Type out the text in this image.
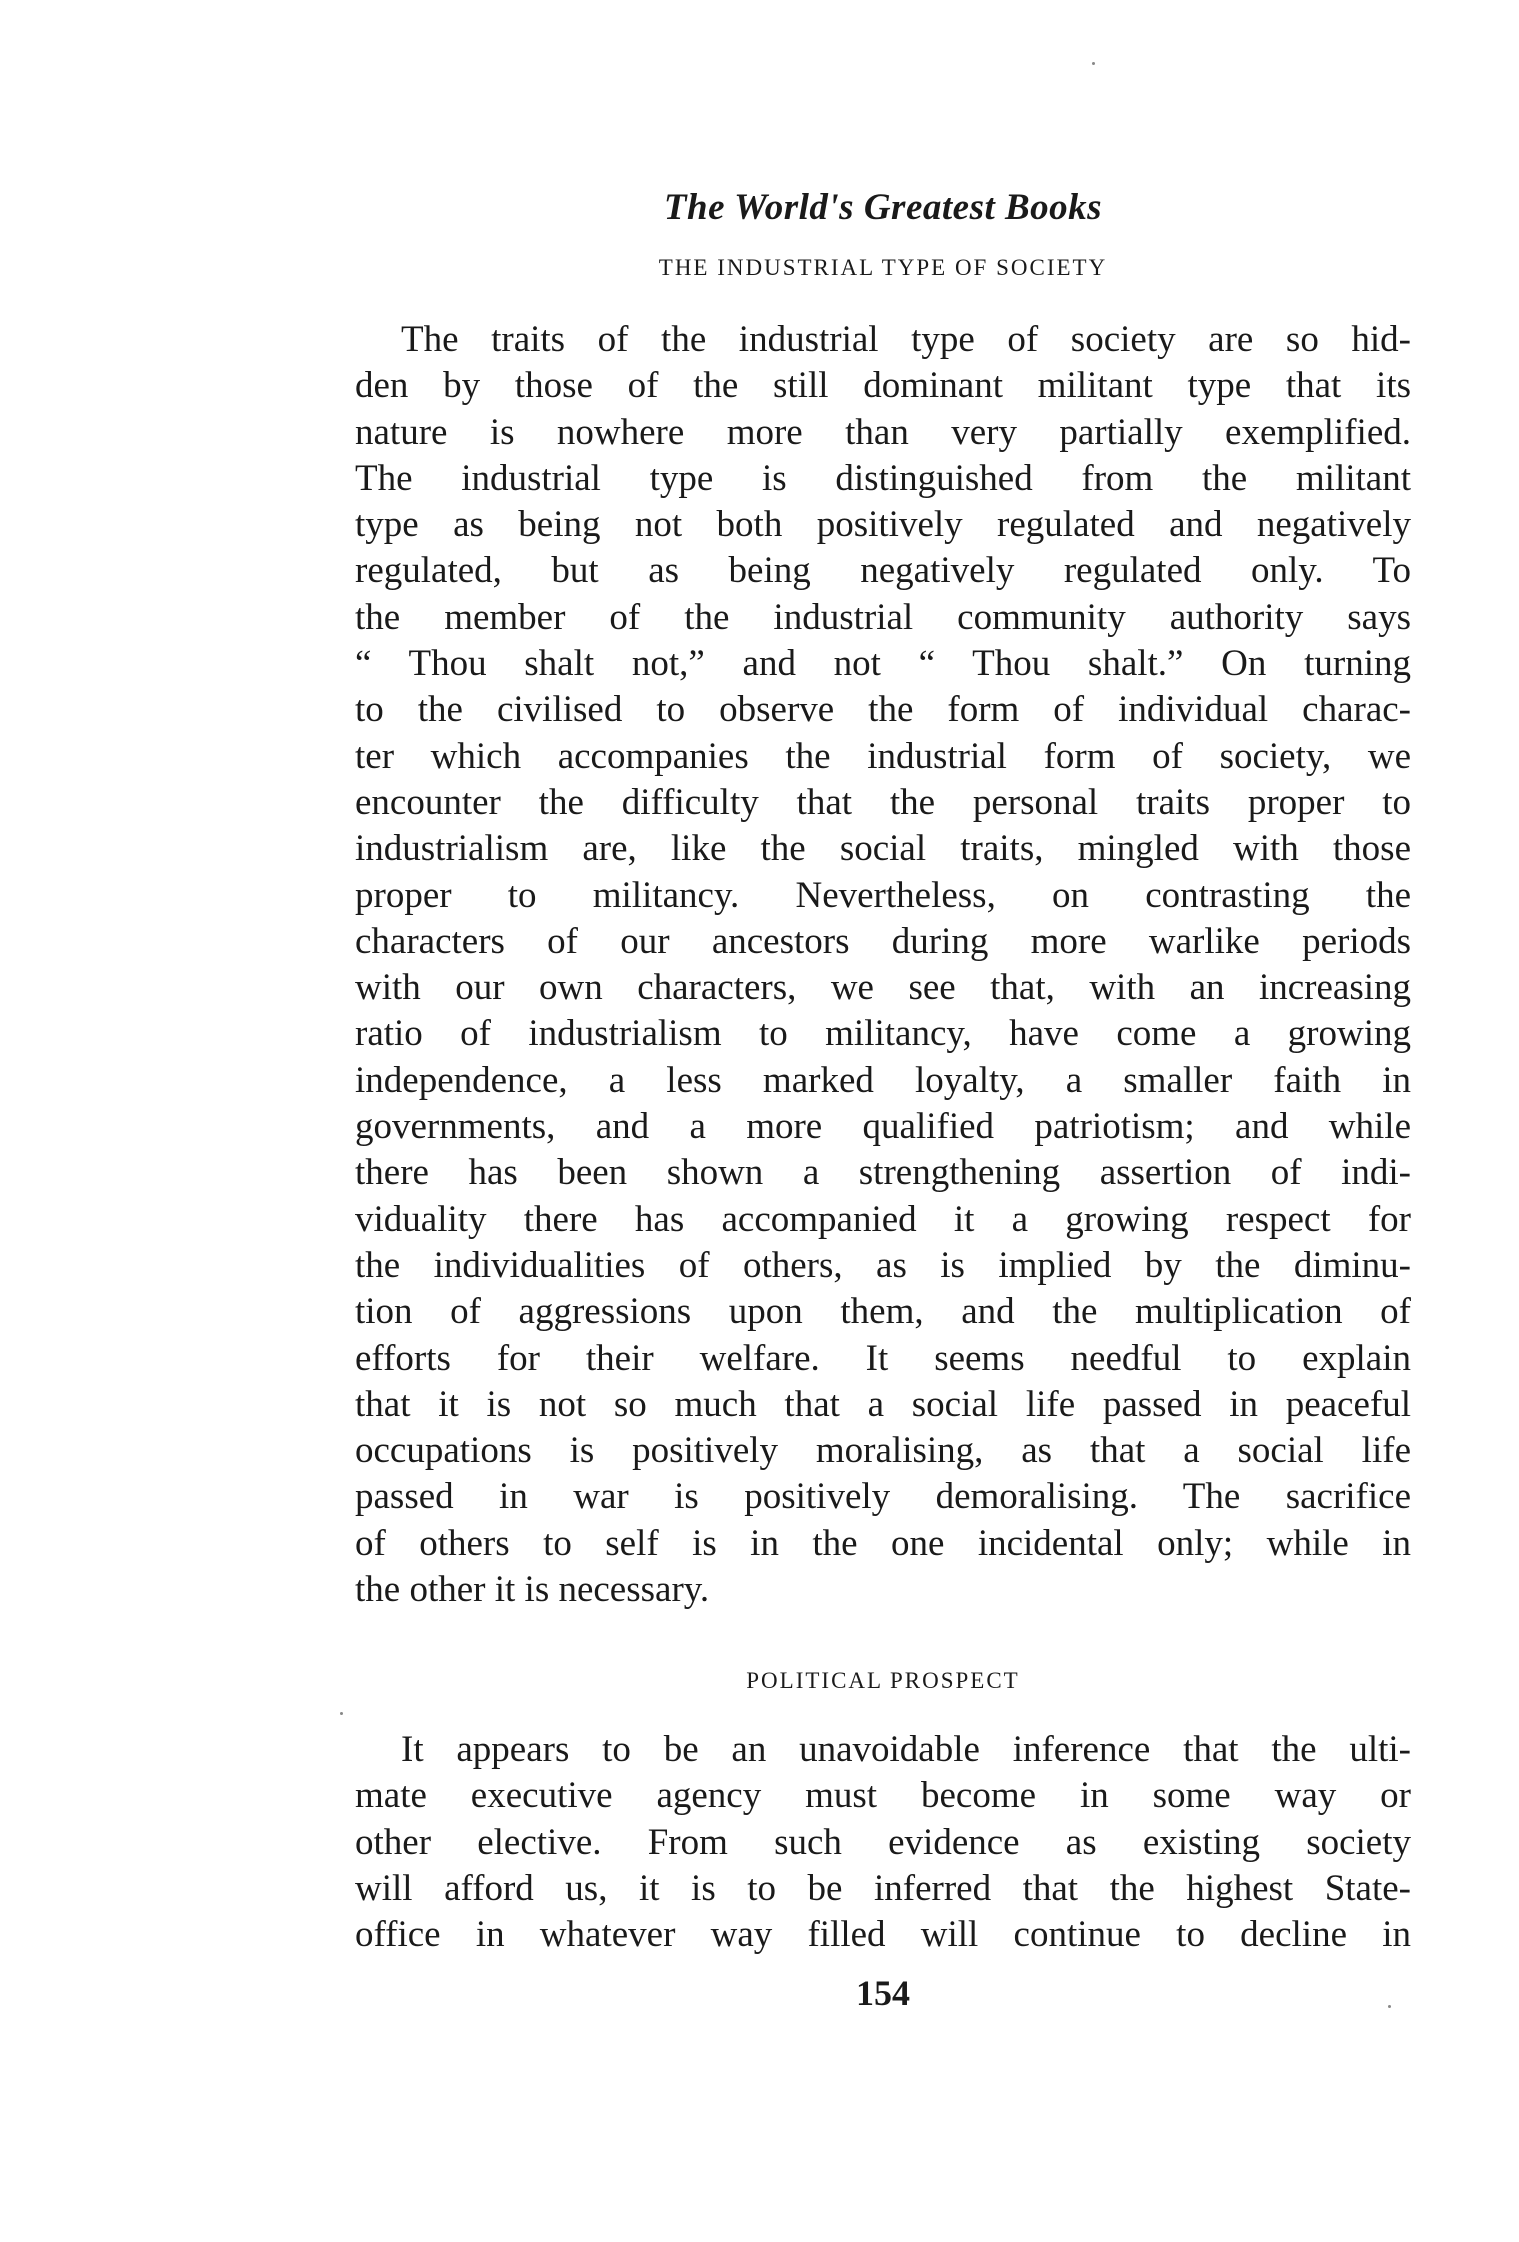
The World's Greatest Books
THE INDUSTRIAL TYPE OF SOCIETY
The traits of the industrial type of society are so hid-
den by those of the still dominant militant type that its
nature is nowhere more than very partially exemplified.
The industrial type is distinguished from the militant
type as being not both positively regulated and negatively
regulated, but as being negatively regulated only. To
the member of the industrial community authority says
“ Thou shalt not,” and not “ Thou shalt.” On turning
to the civilised to observe the form of individual charac-
ter which accompanies the industrial form of society, we
encounter the difficulty that the personal traits proper to
industrialism are, like the social traits, mingled with those
proper to militancy. Nevertheless, on contrasting the
characters of our ancestors during more warlike periods
with our own characters, we see that, with an increasing
ratio of industrialism to militancy, have come a growing
independence, a less marked loyalty, a smaller faith in
governments, and a more qualified patriotism; and while
there has been shown a strengthening assertion of indi-
viduality there has accompanied it a growing respect for
the individualities of others, as is implied by the diminu-
tion of aggressions upon them, and the multiplication of
efforts for their welfare. It seems needful to explain
that it is not so much that a social life passed in peaceful
occupations is positively moralising, as that a social life
passed in war is positively demoralising. The sacrifice
of others to self is in the one incidental only; while in
the other it is necessary.
POLITICAL PROSPECT
It appears to be an unavoidable inference that the ulti-
mate executive agency must become in some way or
other elective. From such evidence as existing society
will afford us, it is to be inferred that the highest State-
office in whatever way filled will continue to decline in
154
